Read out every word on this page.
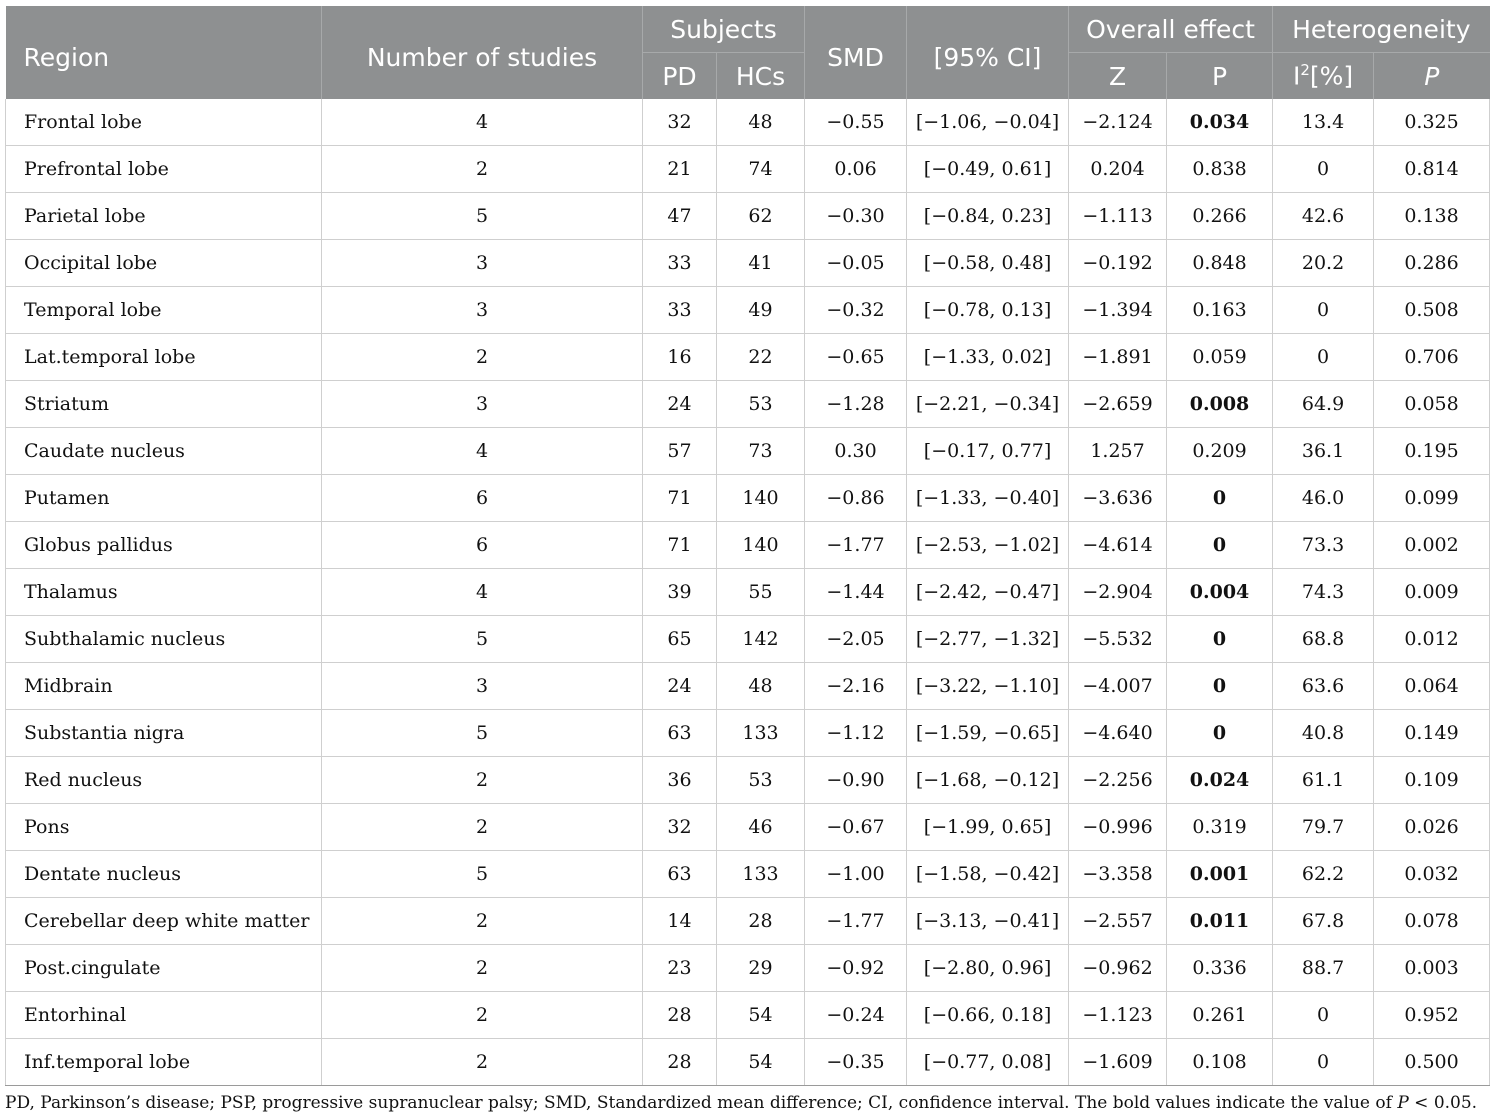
Region	Number of studies	Subjects		SMD	[95% CI]	Overall effect		Heterogeneity	
		PD	HCs			Z	P	$I^2[\%]$	P
Frontal lobe	4	32	48	−0.55	[−1.06, −0.04]	−2.124	0.034	13.4	0.325
Prefrontal lobe	2	21	74	0.06	[−0.49, 0.61]	0.204	0.838	0	0.814
Parietal lobe	5	47	62	−0.30	[−0.84, 0.23]	−1.113	0.266	42.6	0.138
Occipital lobe	3	33	41	−0.05	[−0.58, 0.48]	−0.192	0.848	20.2	0.286
Temporal lobe	3	33	49	−0.32	[−0.78, 0.13]	−1.394	0.163	0	0.508
Lat.temporal lobe	2	16	22	−0.65	[−1.33, 0.02]	−1.891	0.059	0	0.706
Striatum	3	24	53	−1.28	[−2.21, −0.34]	−2.659	0.008	64.9	0.058
Caudate nucleus	4	57	73	0.30	[−0.17, 0.77]	1.257	0.209	36.1	0.195
Putamen	6	71	140	−0.86	[−1.33, −0.40]	−3.636	0	46.0	0.099
Globus pallidus	6	71	140	−1.77	[−2.53, −1.02]	−4.614	0	73.3	0.002
Thalamus	4	39	55	−1.44	[−2.42, −0.47]	−2.904	0.004	74.3	0.009
Subthalamic nucleus	5	65	142	−2.05	[−2.77, −1.32]	−5.532	0	68.8	0.012
Midbrain	3	24	48	−2.16	[−3.22, −1.10]	−4.007	0	63.6	0.064
Substantia nigra	5	63	133	−1.12	[−1.59, −0.65]	−4.640	0	40.8	0.149
Red nucleus	2	36	53	−0.90	[−1.68, −0.12]	−2.256	0.024	61.1	0.109
Pons	2	32	46	−0.67	[−1.99, 0.65]	−0.996	0.319	79.7	0.026
Dentate nucleus	5	63	133	−1.00	[−1.58, −0.42]	−3.358	0.001	62.2	0.032
Cerebellar deep white matter	2	14	28	−1.77	[−3.13, −0.41]	−2.557	0.011	67.8	0.078
Post.cingulate	2	23	29	−0.92	[−2.80, 0.96]	−0.962	0.336	88.7	0.003
Entorhinal	2	28	54	−0.24	[−0.66, 0.18]	−1.123	0.261	0	0.952
Inf.temporal lobe	2	28	54	−0.35	[−0.77, 0.08]	−1.609	0.108	0	0.500

PD, Parkinson’s disease; PSP, progressive supranuclear palsy; SMD, Standardized mean difference; CI, confidence interval. The bold values indicate the value of P < 0.05.
